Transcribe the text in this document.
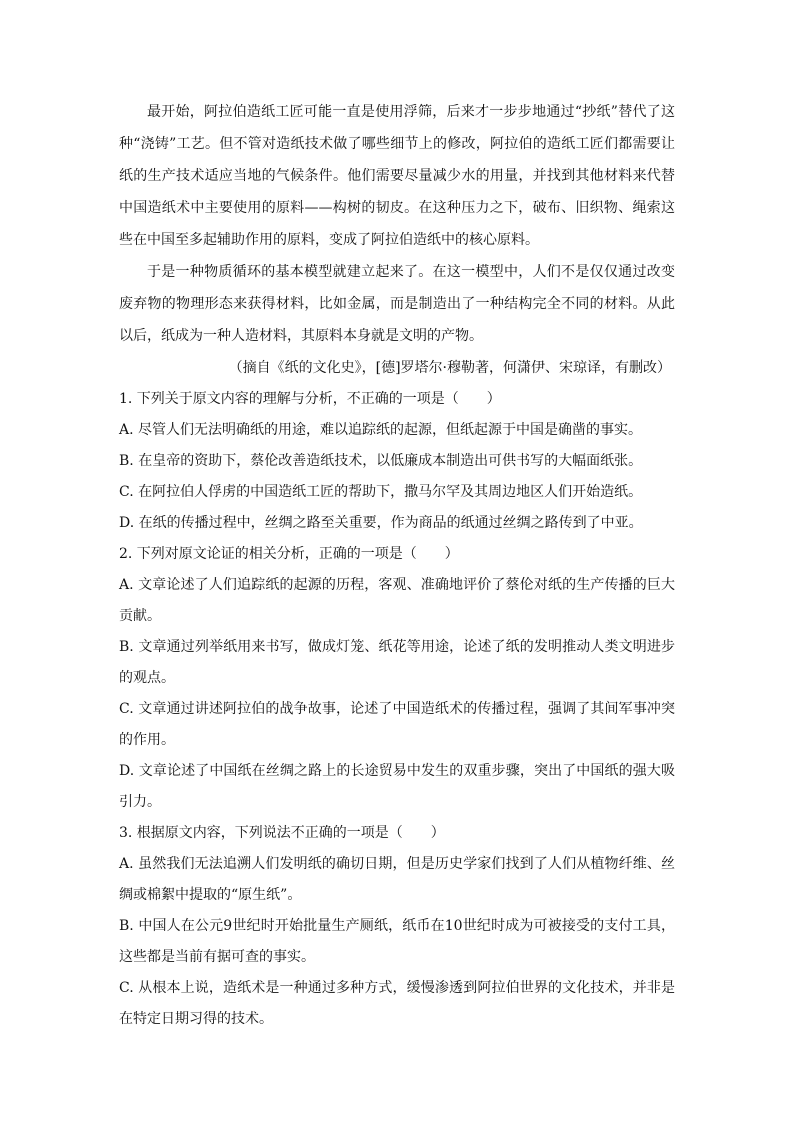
最开始，阿拉伯造纸工匠可能一直是使用浮筛，后来才一步步地通过“抄纸”替代了这种“浇铸”工艺。但不管对造纸技术做了哪些细节上的修改，阿拉伯的造纸工匠们都需要让纸的生产技术适应当地的气候条件。他们需要尽量减少水的用量，并找到其他材料来代替中国造纸术中主要使用的原料——构树的韧皮。在这种压力之下，破布、旧织物、绳索这些在中国至多起辅助作用的原料，变成了阿拉伯造纸中的核心原料。

于是一种物质循环的基本模型就建立起来了。在这一模型中，人们不是仅仅通过改变废弃物的物理形态来获得材料，比如金属，而是制造出了一种结构完全不同的材料。从此以后，纸成为一种人造材料，其原料本身就是文明的产物。

（摘自《纸的文化史》，[德]罗塔尔·穆勒著，何潇伊、宋琼译，有删改）

1. 下列关于原文内容的理解与分析，不正确的一项是（　　）

A. 尽管人们无法明确纸的用途，难以追踪纸的起源，但纸起源于中国是确凿的事实。

B. 在皇帝的资助下，蔡伦改善造纸技术，以低廉成本制造出可供书写的大幅面纸张。

C. 在阿拉伯人俘虏的中国造纸工匠的帮助下，撒马尔罕及其周边地区人们开始造纸。

D. 在纸的传播过程中，丝绸之路至关重要，作为商品的纸通过丝绸之路传到了中亚。

2. 下列对原文论证的相关分析，正确的一项是（　　）

A. 文章论述了人们追踪纸的起源的历程，客观、准确地评价了蔡伦对纸的生产传播的巨大贡献。

B. 文章通过列举纸用来书写，做成灯笼、纸花等用途，论述了纸的发明推动人类文明进步的观点。

C. 文章通过讲述阿拉伯的战争故事，论述了中国造纸术的传播过程，强调了其间军事冲突的作用。

D. 文章论述了中国纸在丝绸之路上的长途贸易中发生的双重步骤，突出了中国纸的强大吸引力。

3. 根据原文内容，下列说法不正确的一项是（　　）

A. 虽然我们无法追溯人们发明纸的确切日期，但是历史学家们找到了人们从植物纤维、丝绸或棉絮中提取的“原生纸”。

B. 中国人在公元9世纪时开始批量生产厕纸，纸币在10世纪时成为可被接受的支付工具，这些都是当前有据可查的事实。

C. 从根本上说，造纸术是一种通过多种方式，缓慢渗透到阿拉伯世界的文化技术，并非是在特定日期习得的技术。
